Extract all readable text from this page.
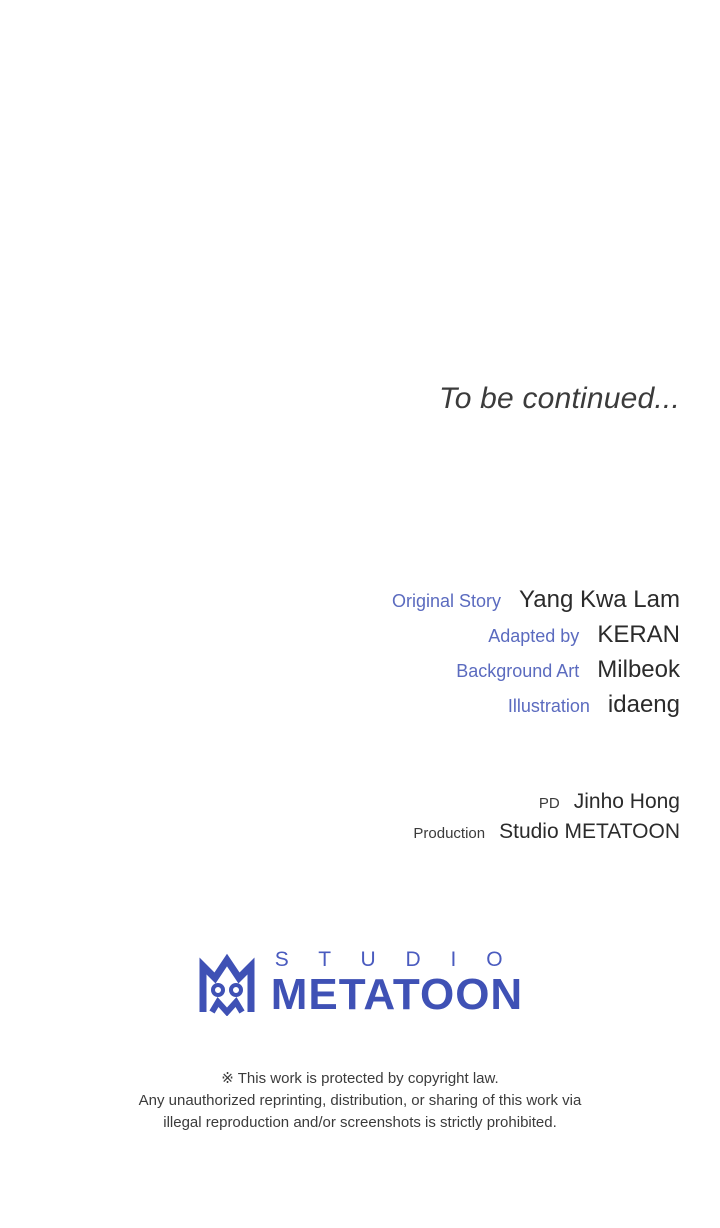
To be continued...
Original Story Yang Kwa Lam
Adapted by KERAN
Background Art Milbeok
Illustration idaeng
PD Jinho Hong
Production Studio METATOON
S T U D I O
METATOON
※ This work is protected by copyright law.
Any unauthorized reprinting, distribution, or sharing of this work via
illegal reproduction and/or screenshots is strictly prohibited.
